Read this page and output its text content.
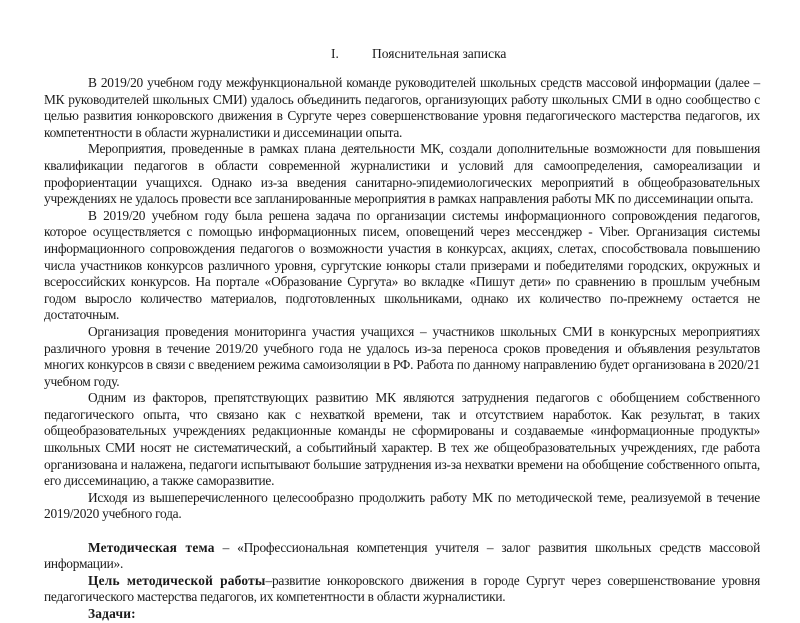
I. Пояснительная записка

В 2019/20 учебном году межфункциональной команде руководителей школьных средств массовой информации (далее – МК руководителей школьных СМИ) удалось объединить педагогов, организующих работу школьных СМИ в одно сообщество с целью развития юнкоровского движения в Сургуте через совершенствование уровня педагогического мастерства педагогов, их компетентности в области журналистики и диссеминации опыта.

Мероприятия, проведенные в рамках плана деятельности МК, создали дополнительные возможности для повышения квалификации педагогов в области современной журналистики и условий для самоопределения, самореализации и профориентации учащихся. Однако из-за введения санитарно-эпидемиологических мероприятий в общеобразовательных учреждениях не удалось провести все запланированные мероприятия в рамках направления работы МК по диссеминации опыта.

В 2019/20 учебном году была решена задача по организации системы информационного сопровождения педагогов, которое осуществляется с помощью информационных писем, оповещений через мессенджер - Viber. Организация системы информационного сопровождения педагогов о возможности участия в конкурсах, акциях, слетах, способствовала повышению числа участников конкурсов различного уровня, сургутские юнкоры стали призерами и победителями городских, окружных и всероссийских конкурсов. На портале «Образование Сургута» во вкладке «Пишут дети» по сравнению в прошлым учебным годом выросло количество материалов, подготовленных школьниками, однако их количество по-прежнему остается не достаточным.

Организация проведения мониторинга участия учащихся – участников школьных СМИ в конкурсных мероприятиях различного уровня в течение 2019/20 учебного года не удалось из-за переноса сроков проведения и объявления результатов многих конкурсов в связи с введением режима самоизоляции в РФ. Работа по данному направлению будет организована в 2020/21 учебном году.

Одним из факторов, препятствующих развитию МК являются затруднения педагогов с обобщением собственного педагогического опыта, что связано как с нехваткой времени, так и отсутствием наработок. Как результат, в таких общеобразовательных учреждениях редакционные команды не сформированы и создаваемые «информационные продукты» школьных СМИ носят не систематический, а событийный характер. В тех же общеобразовательных учреждениях, где работа организована и налажена, педагоги испытывают большие затруднения из-за нехватки времени на обобщение собственного опыта, его диссеминацию, а также саморазвитие.

Исходя из вышеперечисленного целесообразно продолжить работу МК по методической теме, реализуемой в течение 2019/2020 учебного года.

Методическая тема – «Профессиональная компетенция учителя – залог развития школьных средств массовой информации».

Цель методической работы–развитие юнкоровского движения в городе Сургут через совершенствование уровня педагогического мастерства педагогов, их компетентности в области журналистики.

Задачи:
